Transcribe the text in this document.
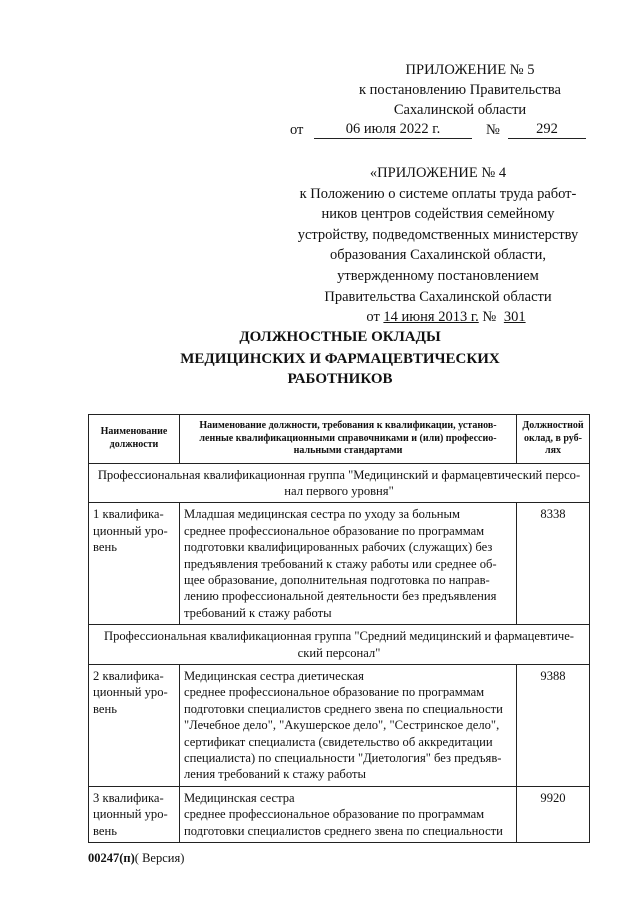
ПРИЛОЖЕНИЕ № 5
к постановлению Правительства
Сахалинской области
от	06 июля 2022 г.	№	292
«ПРИЛОЖЕНИЕ № 4
к Положению о системе оплаты труда работ-
ников центров содействия семейному
устройству, подведомственных министерству
образования Сахалинской области,
утвержденному постановлением
Правительства Сахалинской области
от 14 июня 2013 г. № 301
ДОЛЖНОСТНЫЕ ОКЛАДЫ
МЕДИЦИНСКИХ И ФАРМАЦЕВТИЧЕСКИХ
РАБОТНИКОВ
Наименование должности	Наименование должности, требования к квалификации, установ-ленные квалификационными справочниками и (или) профессио-нальными стандартами	Должностной оклад, в руб-лях
Профессиональная квалификационная группа "Медицинский и фармацевтический персо-нал первого уровня"		
1 квалифика-ционный уро-вень	Младшая медицинская сестра по уходу за больным
среднее профессиональное образование по программам подготовки квалифицированных рабочих (служащих) без предъявления требований к стажу работы или среднее об-щее образование, дополнительная подготовка по направ-лению профессиональной деятельности без предъявления требований к стажу работы	8338
Профессиональная квалификационная группа "Средний медицинский и фармацевтиче-ский персонал"		
2 квалифика-ционный уро-вень	Медицинская сестра диетическая
среднее профессиональное образование по программам подготовки специалистов среднего звена по специальности "Лечебное дело", "Акушерское дело", "Сестринское дело", сертификат специалиста (свидетельство об аккредитации специалиста) по специальности "Диетология" без предъяв-ления требований к стажу работы	9388
3 квалифика-ционный уро-вень	Медицинская сестра
среднее профессиональное образование по программам подготовки специалистов среднего звена по специальности	9920
00247(п)( Версия)
